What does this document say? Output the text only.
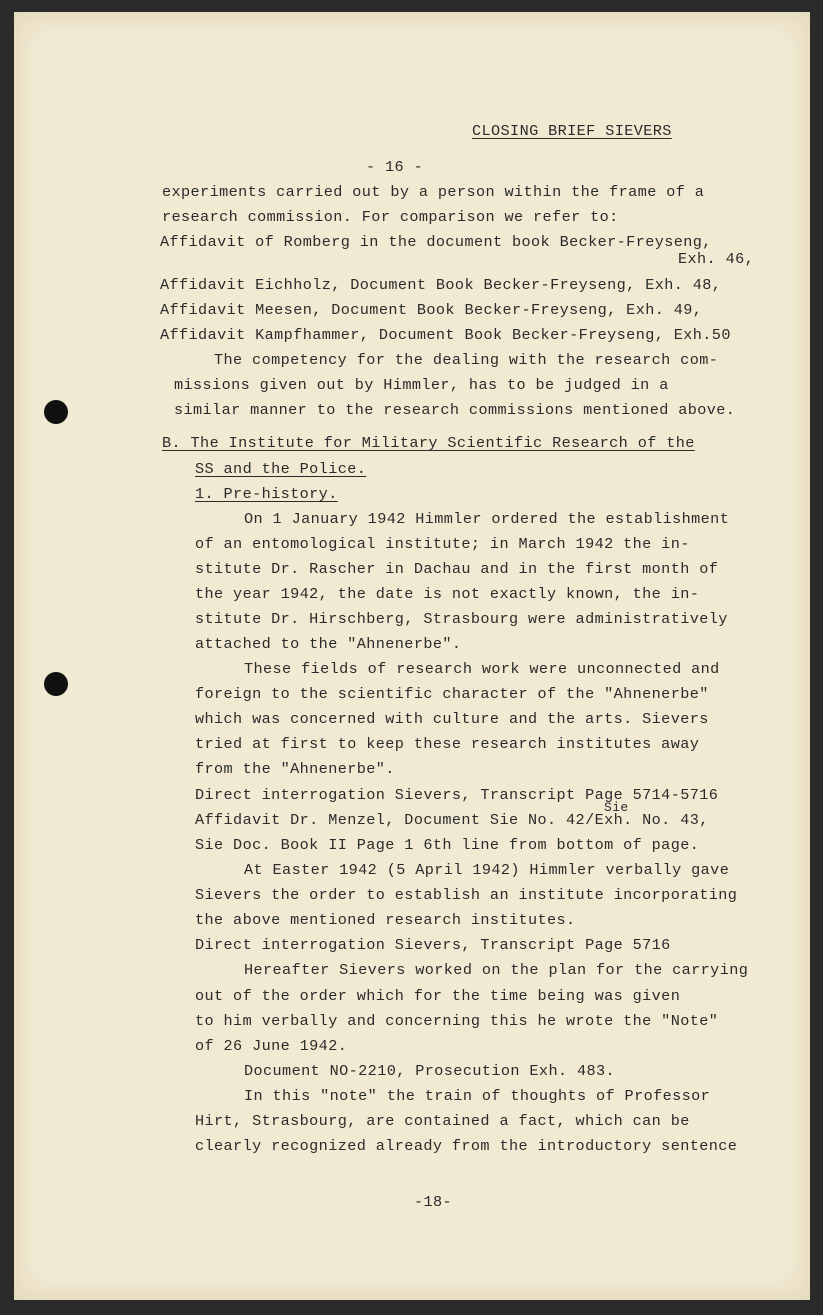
CLOSING BRIEF SIEVERS
- 16 -
experiments carried out by a person within the frame of a
research commission. For comparison we refer to:
Affidavit of Romberg in the document book Becker-Freyseng,
Exh. 46,
Affidavit Eichholz, Document Book Becker-Freyseng, Exh. 48,
Affidavit Meesen, Document Book Becker-Freyseng, Exh. 49,
Affidavit Kampfhammer, Document Book Becker-Freyseng, Exh.50
The competency for the dealing with the research com-
missions given out by Himmler, has to be judged in a
similar manner to the research commissions mentioned above.
B. The Institute for Military Scientific Research of the
SS and the Police.
1. Pre-history.
On 1 January 1942 Himmler ordered the establishment
of an entomological institute; in March 1942 the in-
stitute Dr. Rascher in Dachau and in the first month of
the year 1942, the date is not exactly known, the in-
stitute Dr. Hirschberg, Strasbourg were administratively
attached to the "Ahnenerbe".
These fields of research work were unconnected and
foreign to the scientific character of the "Ahnenerbe"
which was concerned with culture and the arts. Sievers
tried at first to keep these research institutes away
from the "Ahnenerbe".
Direct interrogation Sievers, Transcript Page 5714-5716
Sie
Affidavit Dr. Menzel, Document Sie No. 42/Exh. No. 43,
Sie Doc. Book II Page 1 6th line from bottom of page.
At Easter 1942 (5 April 1942) Himmler verbally gave
Sievers the order to establish an institute incorporating
the above mentioned research institutes.
Direct interrogation Sievers, Transcript Page 5716
Hereafter Sievers worked on the plan for the carrying
out of the order which for the time being was given
to him verbally and concerning this he wrote the "Note"
of 26 June 1942.
Document NO-2210, Prosecution Exh. 483.
In this "note" the train of thoughts of Professor
Hirt, Strasbourg, are contained a fact, which can be
clearly recognized already from the introductory sentence
-18-
